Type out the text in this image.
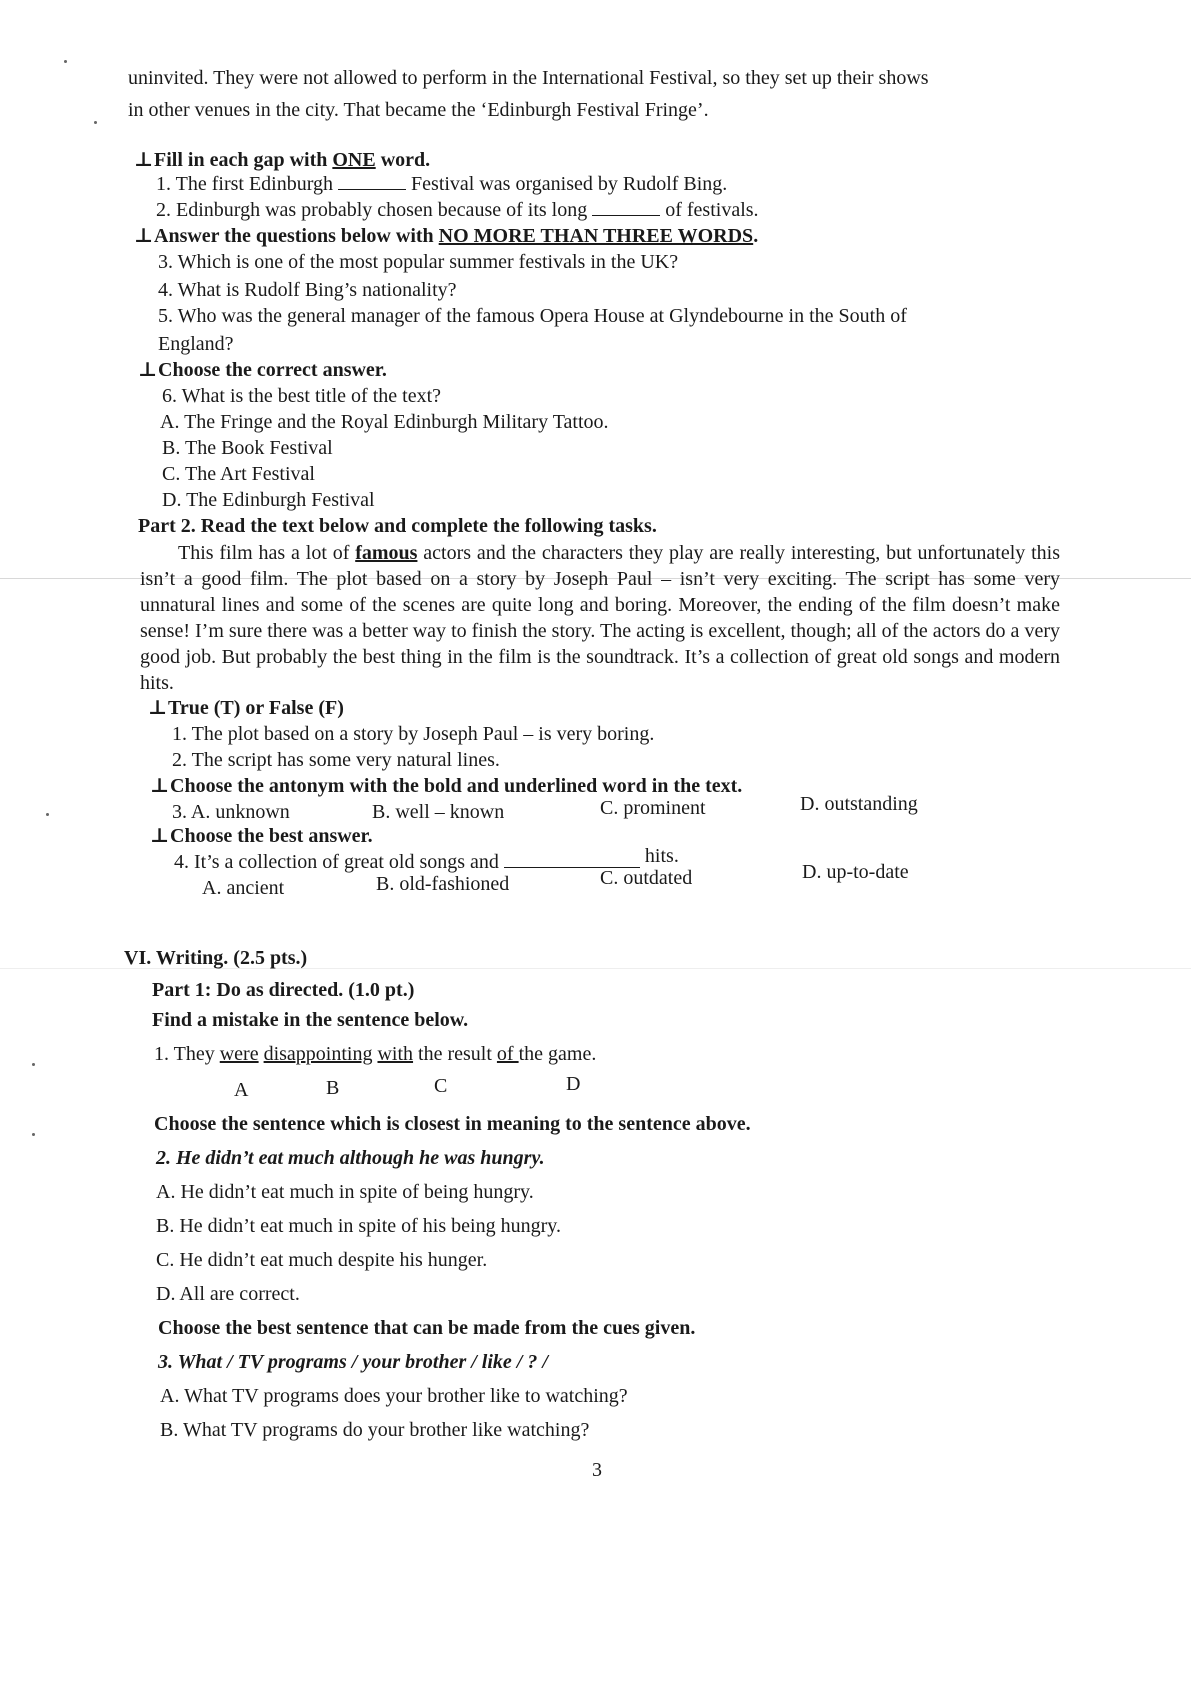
uninvited. They were not allowed to perform in the International Festival, so they set up their shows

in other venues in the city. That became the ‘Edinburgh Festival Fringe’.

⊥Fill in each gap with ONE word.

1. The first Edinburgh	Festival was organised by Rudolf Bing.

2. Edinburgh was probably chosen because of its long	of festivals.

⊥Answer the questions below with NO MORE THAN THREE WORDS.

3. Which is one of the most popular summer festivals in the UK?

4. What is Rudolf Bing’s nationality?

5. Who was the general manager of the famous Opera House at Glyndebourne in the South of

England?

⊥Choose the correct answer.

6. What is the best title of the text?

A. The Fringe and the Royal Edinburgh Military Tattoo.

B. The Book Festival

C. The Art Festival

D. The Edinburgh Festival

Part 2. Read the text below and complete the following tasks.

This film has a lot of famous actors and the characters they play are really interesting, but unfortunately this isn’t a good film. The plot based on a story by Joseph Paul – isn’t very exciting. The script has some very unnatural lines and some of the scenes are quite long and boring. Moreover, the ending of the film doesn’t make sense! I’m sure there was a better way to finish the story. The acting is excellent, though; all of the actors do a very good job. But probably the best thing in the film is the soundtrack. It’s a collection of great old songs and modern hits.

⊥True (T) or False (F)

1. The plot based on a story by Joseph Paul – is very boring.

2. The script has some very natural lines.

⊥Choose the antonym with the bold and underlined word in the text.

3. A. unknown	B. well – known	C. prominent	D. outstanding

⊥Choose the best answer.

4. It’s a collection of great old songs and	hits.

A. ancient	B. old-fashioned	C. outdated	D. up-to-date

VI. Writing. (2.5 pts.)

Part 1: Do as directed. (1.0 pt.)

Find a mistake in the sentence below.

1. They were disappointing with the result of the game.

A	B	C	D

Choose the sentence which is closest in meaning to the sentence above.

2. He didn’t eat much although he was hungry.

A. He didn’t eat much in spite of being hungry.

B. He didn’t eat much in spite of his being hungry.

C. He didn’t eat much despite his hunger.

D. All are correct.

Choose the best sentence that can be made from the cues given.

3. What / TV programs / your brother / like / ? /

A. What TV programs does your brother like to watching?

B. What TV programs do your brother like watching?

3
